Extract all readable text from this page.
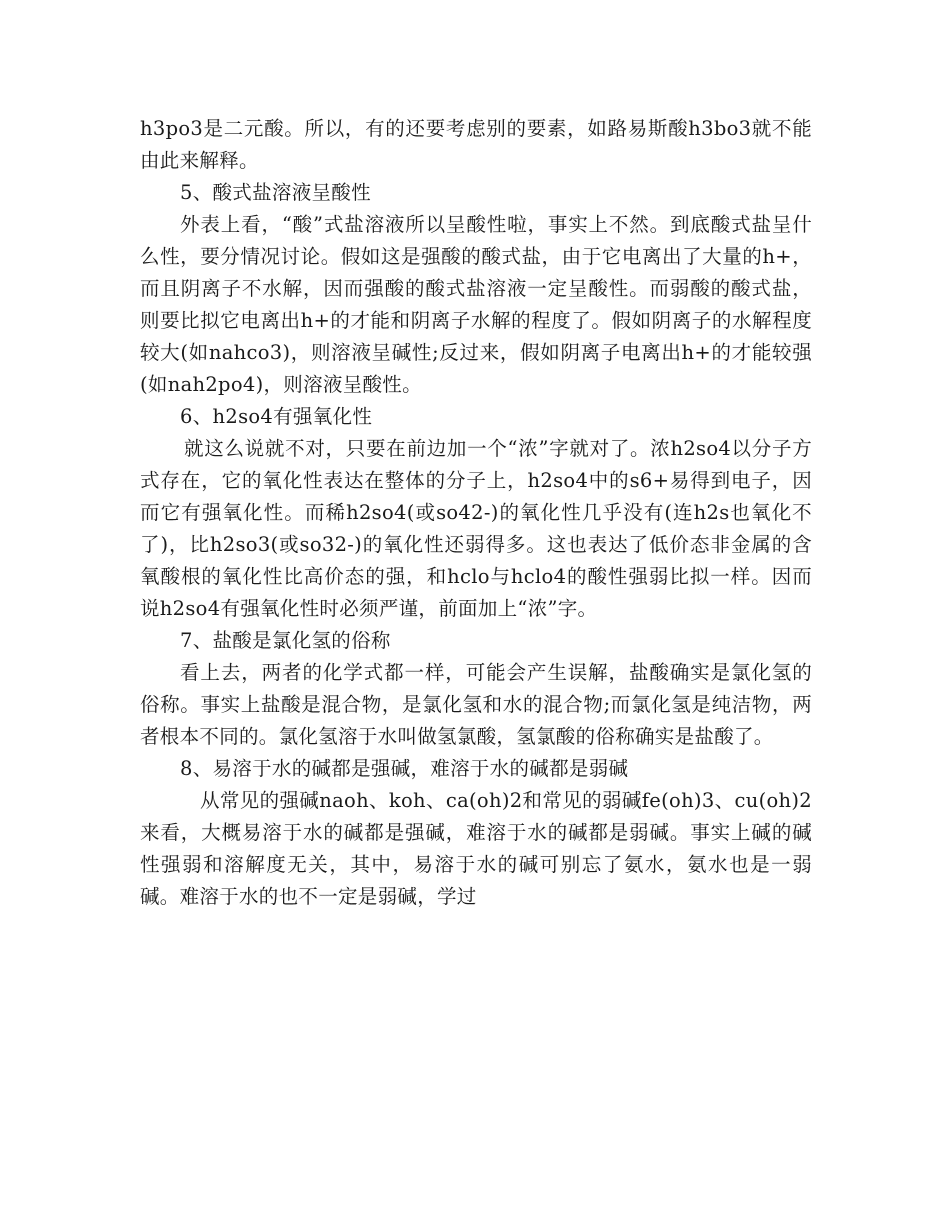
h3po3是二元酸。所以，有的还要考虑别的要素，如路易斯酸h3bo3就不能由此来解释。

5、酸式盐溶液呈酸性

外表上看，“酸”式盐溶液所以呈酸性啦，事实上不然。到底酸式盐呈什么性，要分情况讨论。假如这是强酸的酸式盐，由于它电离出了大量的h+，而且阴离子不水解，因而强酸的酸式盐溶液一定呈酸性。而弱酸的酸式盐，则要比拟它电离出h+的才能和阴离子水解的程度了。假如阴离子的水解程度较大(如nahco3)，则溶液呈碱性;反过来，假如阴离子电离出h+的才能较强(如nah2po4)，则溶液呈酸性。

6、h2so4有强氧化性

就这么说就不对，只要在前边加一个“浓”字就对了。浓h2so4以分子方式存在，它的氧化性表达在整体的分子上，h2so4中的s6+易得到电子，因而它有强氧化性。而稀h2so4(或so42-)的氧化性几乎没有(连h2s也氧化不了)，比h2so3(或so32-)的氧化性还弱得多。这也表达了低价态非金属的含氧酸根的氧化性比高价态的强，和hclo与hclo4的酸性强弱比拟一样。因而说h2so4有强氧化性时必须严谨，前面加上“浓”字。

7、盐酸是氯化氢的俗称

看上去，两者的化学式都一样，可能会产生误解，盐酸确实是氯化氢的俗称。事实上盐酸是混合物，是氯化氢和水的混合物;而氯化氢是纯洁物，两者根本不同的。氯化氢溶于水叫做氢氯酸，氢氯酸的俗称确实是盐酸了。

8、易溶于水的碱都是强碱，难溶于水的碱都是弱碱

从常见的强碱naoh、koh、ca(oh)2和常见的弱碱fe(oh)3、cu(oh)2来看，大概易溶于水的碱都是强碱，难溶于水的碱都是弱碱。事实上碱的碱性强弱和溶解度无关，其中，易溶于水的碱可别忘了氨水，氨水也是一弱碱。难溶于水的也不一定是弱碱，学过
